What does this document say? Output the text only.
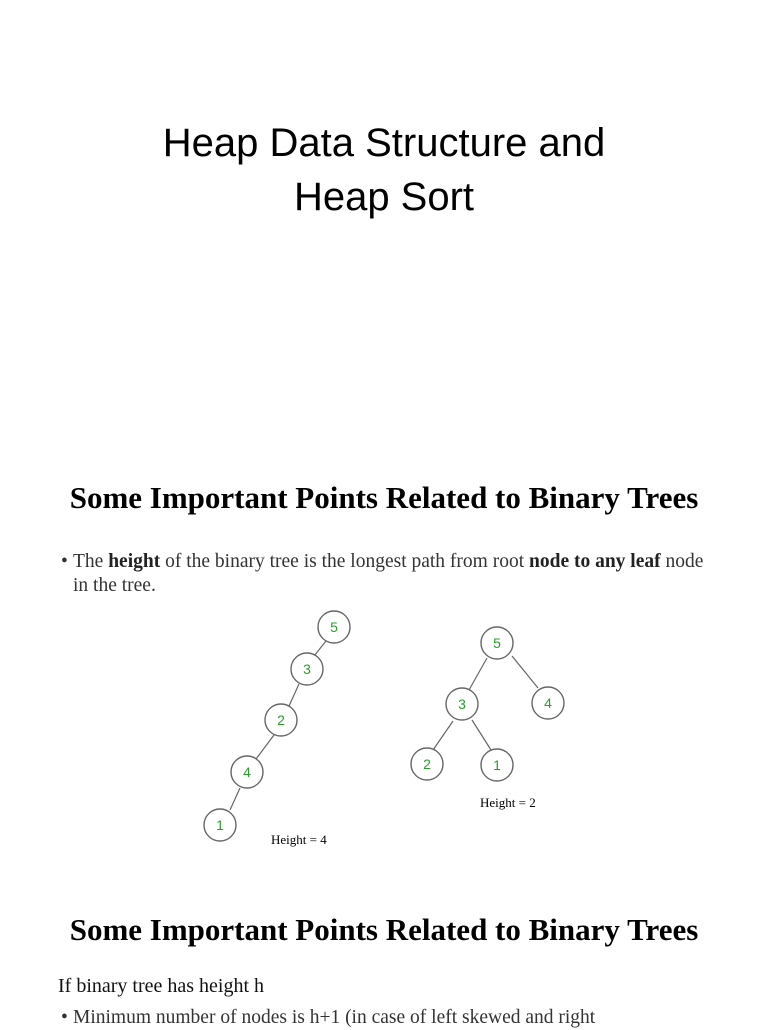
Heap Data Structure and
Heap Sort
Some Important Points Related to Binary Trees
• The height of the binary tree is the longest path from root node to any leaf node in the tree.
5
3
2
4
1
5
3	4
2	1
Height = 4
Height = 2
Some Important Points Related to Binary Trees
If binary tree has height h
• Minimum number of nodes is h+1 (in case of left skewed and right
